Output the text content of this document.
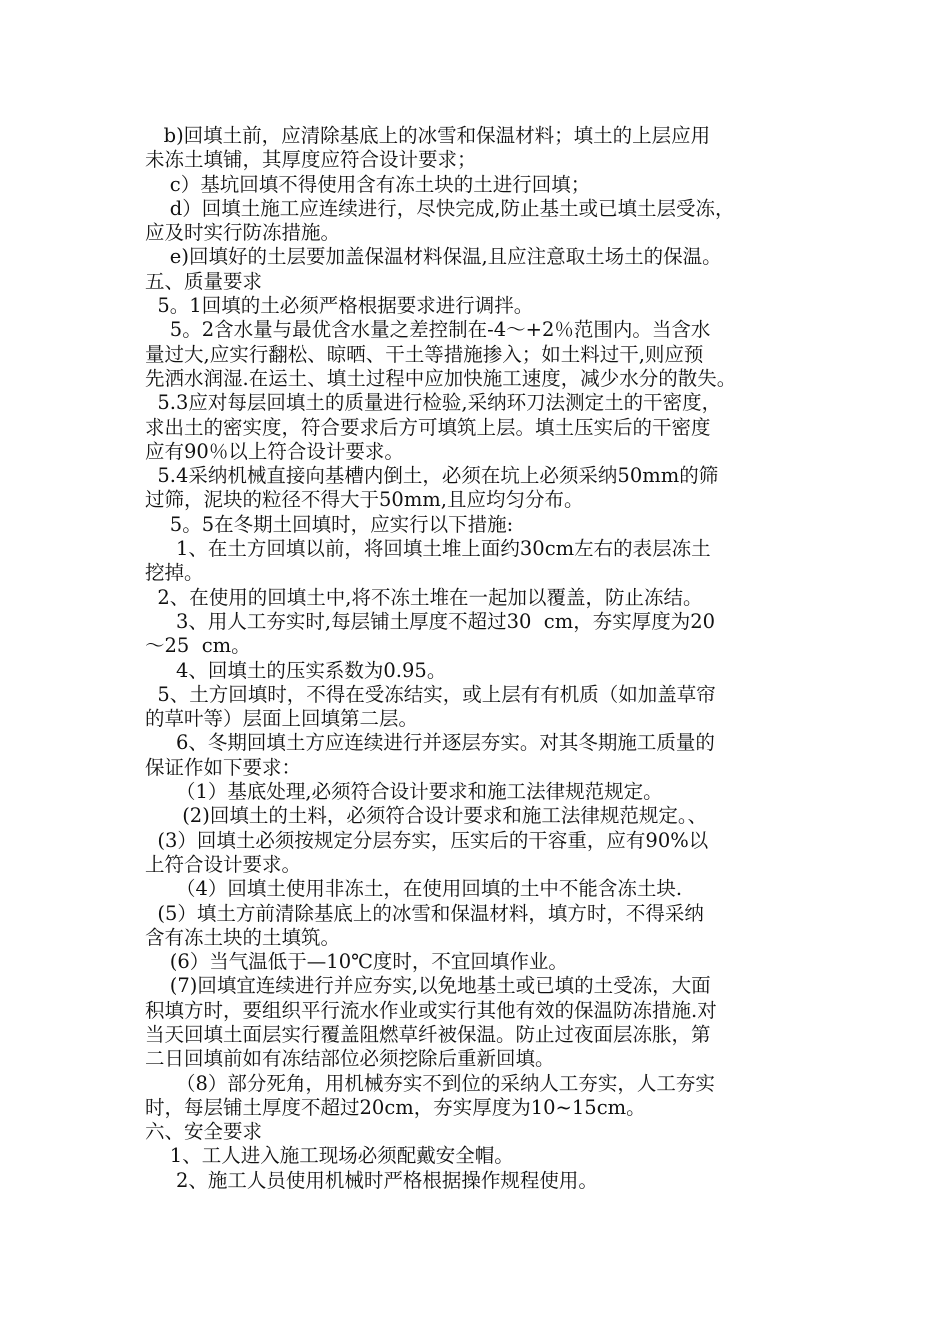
b)回填土前，应清除基底上的冰雪和保温材料；填土的上层应用
未冻土填铺，其厚度应符合设计要求；
c）基坑回填不得使用含有冻土块的土进行回填；
d）回填土施工应连续进行，尽快完成,防止基土或已填土层受冻，
应及时实行防冻措施。
e)回填好的土层要加盖保温材料保温,且应注意取土场土的保温。
五、质量要求
5。1回填的土必须严格根据要求进行调拌。
5。2含水量与最优含水量之差控制在-4～+2％范围内。当含水
量过大,应实行翻松、晾晒、干土等措施掺入；如土料过干,则应预
先洒水润湿.在运土、填土过程中应加快施工速度，减少水分的散失。
5.3应对每层回填土的质量进行检验,采纳环刀法测定土的干密度，
求出土的密实度，符合要求后方可填筑上层。填土压实后的干密度
应有90％以上符合设计要求。
5.4采纳机械直接向基槽内倒土，必须在坑上必须采纳50mm的筛
过筛，泥块的粒径不得大于50mm,且应均匀分布。
5。5在冬期土回填时，应实行以下措施:
1、在土方回填以前，将回填土堆上面约30cm左右的表层冻土
挖掉。
2、在使用的回填土中,将不冻土堆在一起加以覆盖，防止冻结。
3、用人工夯实时,每层铺土厚度不超过30  cm，夯实厚度为20
～25  cm。
4、回填土的压实系数为0.95。
5、土方回填时，不得在受冻结实，或上层有有机质（如加盖草帘
的草叶等）层面上回填第二层。
6、冬期回填土方应连续进行并逐层夯实。对其冬期施工质量的
保证作如下要求：
（1）基底处理,必须符合设计要求和施工法律规范规定。
(2)回填土的土料，必须符合设计要求和施工法律规范规定。、
(3）回填土必须按规定分层夯实，压实后的干容重，应有90%以
上符合设计要求。
（4）回填土使用非冻土，在使用回填的土中不能含冻土块.
(5）填土方前清除基底上的冰雪和保温材料，填方时，不得采纳
含有冻土块的土填筑。
(6）当气温低于—10℃度时，不宜回填作业。
(7)回填宜连续进行并应夯实,以免地基土或已填的土受冻，大面
积填方时，要组织平行流水作业或实行其他有效的保温防冻措施.对
当天回填土面层实行覆盖阻燃草纤被保温。防止过夜面层冻胀，第
二日回填前如有冻结部位必须挖除后重新回填。
（8）部分死角，用机械夯实不到位的采纳人工夯实，人工夯实
时，每层铺土厚度不超过20cm，夯实厚度为10~15cm。
六、安全要求
1、工人进入施工现场必须配戴安全帽。
2、施工人员使用机械时严格根据操作规程使用。
